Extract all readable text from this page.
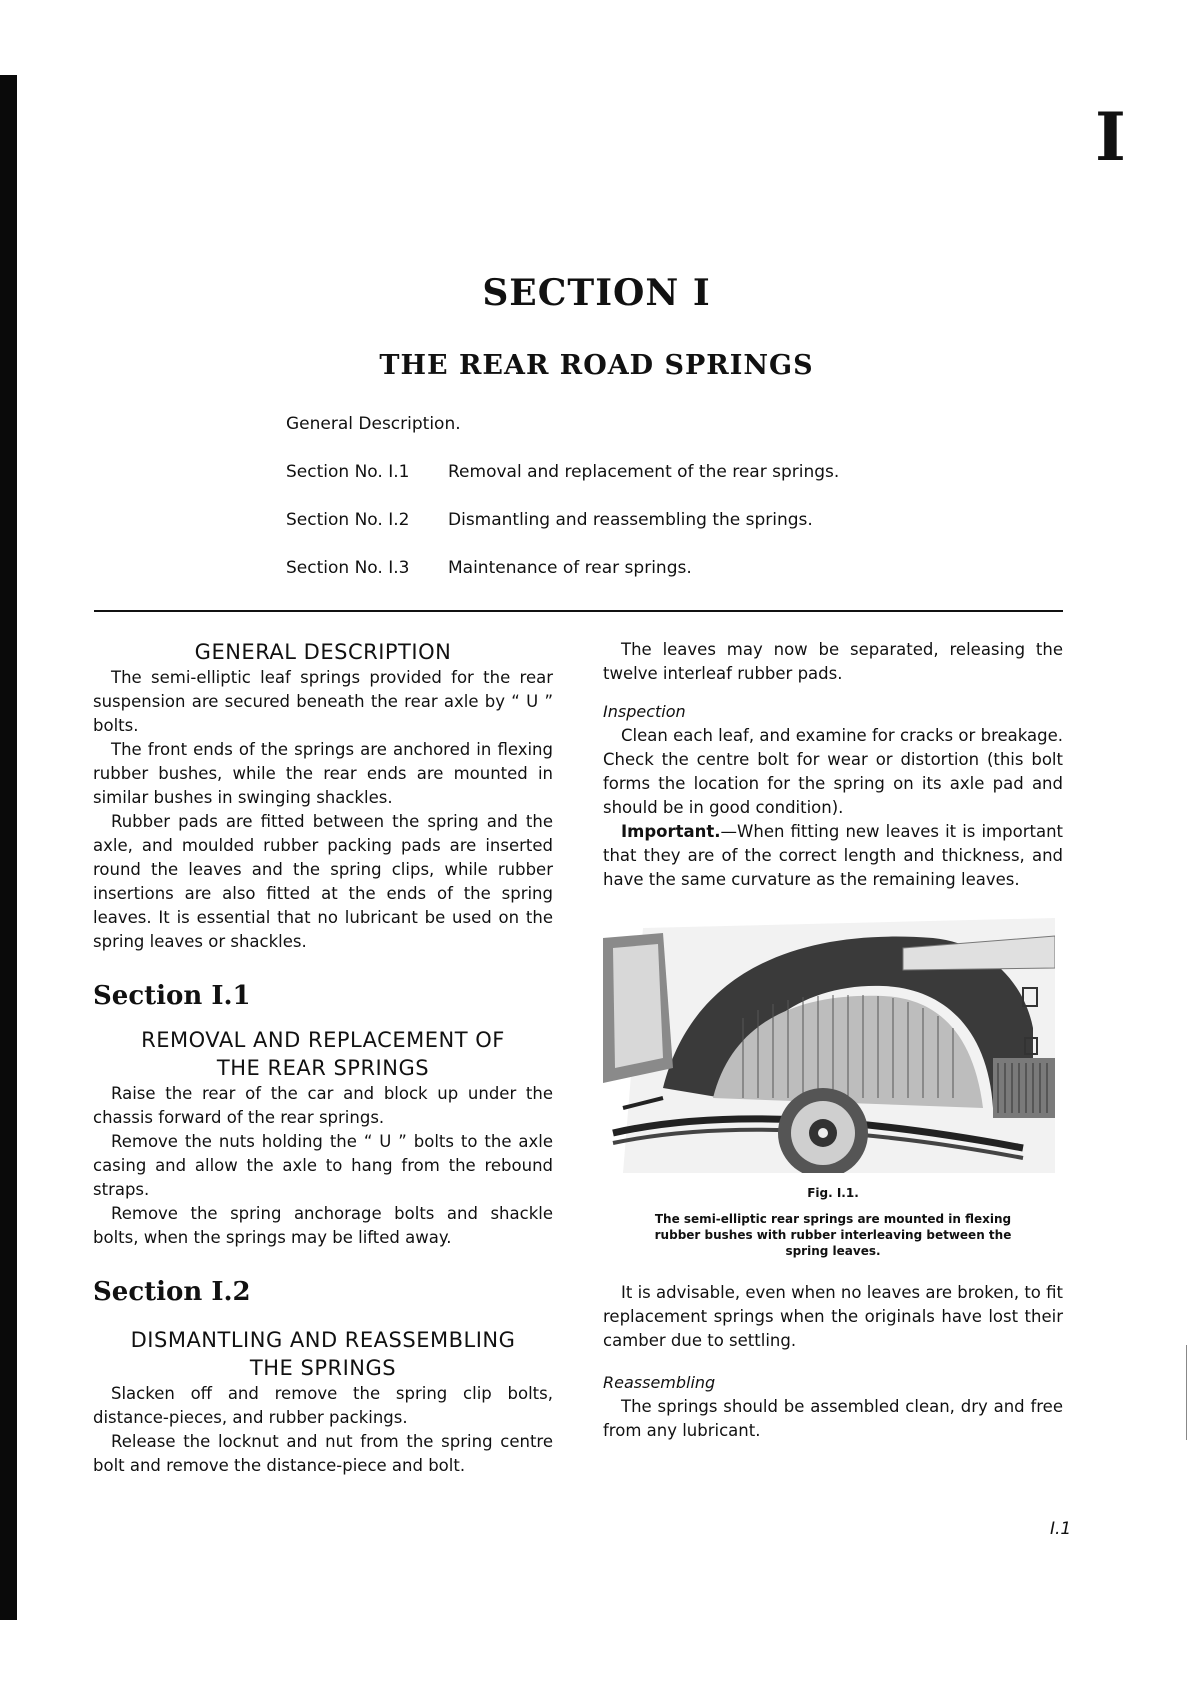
I
SECTION I
THE REAR ROAD SPRINGS
General Description.
Section No. I.1 Removal and replacement of the rear springs.
Section No. I.2 Dismantling and reassembling the springs.
Section No. I.3 Maintenance of rear springs.
GENERAL DESCRIPTION

The semi-elliptic leaf springs provided for the rear suspension are secured beneath the rear axle by “ U ” bolts.

The front ends of the springs are anchored in flexing rubber bushes, while the rear ends are mounted in similar bushes in swinging shackles.

Rubber pads are fitted between the spring and the axle, and moulded rubber packing pads are inserted round the leaves and the spring clips, while rubber insertions are also fitted at the ends of the spring leaves. It is essential that no lubricant be used on the spring leaves or shackles.

Section I.1
REMOVAL AND REPLACEMENT OF
THE REAR SPRINGS

Raise the rear of the car and block up under the chassis forward of the rear springs.

Remove the nuts holding the “ U ” bolts to the axle casing and allow the axle to hang from the rebound straps.

Remove the spring anchorage bolts and shackle bolts, when the springs may be lifted away.

Section I.2
DISMANTLING AND REASSEMBLING
THE SPRINGS

Slacken off and remove the spring clip bolts, distance-pieces, and rubber packings.

Release the locknut and nut from the spring centre bolt and remove the distance-piece and bolt.

The leaves may now be separated, releasing the twelve interleaf rubber pads.

Inspection

Clean each leaf, and examine for cracks or breakage. Check the centre bolt for wear or distortion (this bolt forms the location for the spring on its axle pad and should be in good condition).

Important.—When fitting new leaves it is important that they are of the correct length and thickness, and have the same curvature as the remaining leaves.

Fig. I.1.
The semi-elliptic rear springs are mounted in flexing rubber bushes with rubber interleaving between the spring leaves.

It is advisable, even when no leaves are broken, to fit replacement springs when the originals have lost their camber due to settling.

Reassembling

The springs should be assembled clean, dry and free from any lubricant.

I.1
